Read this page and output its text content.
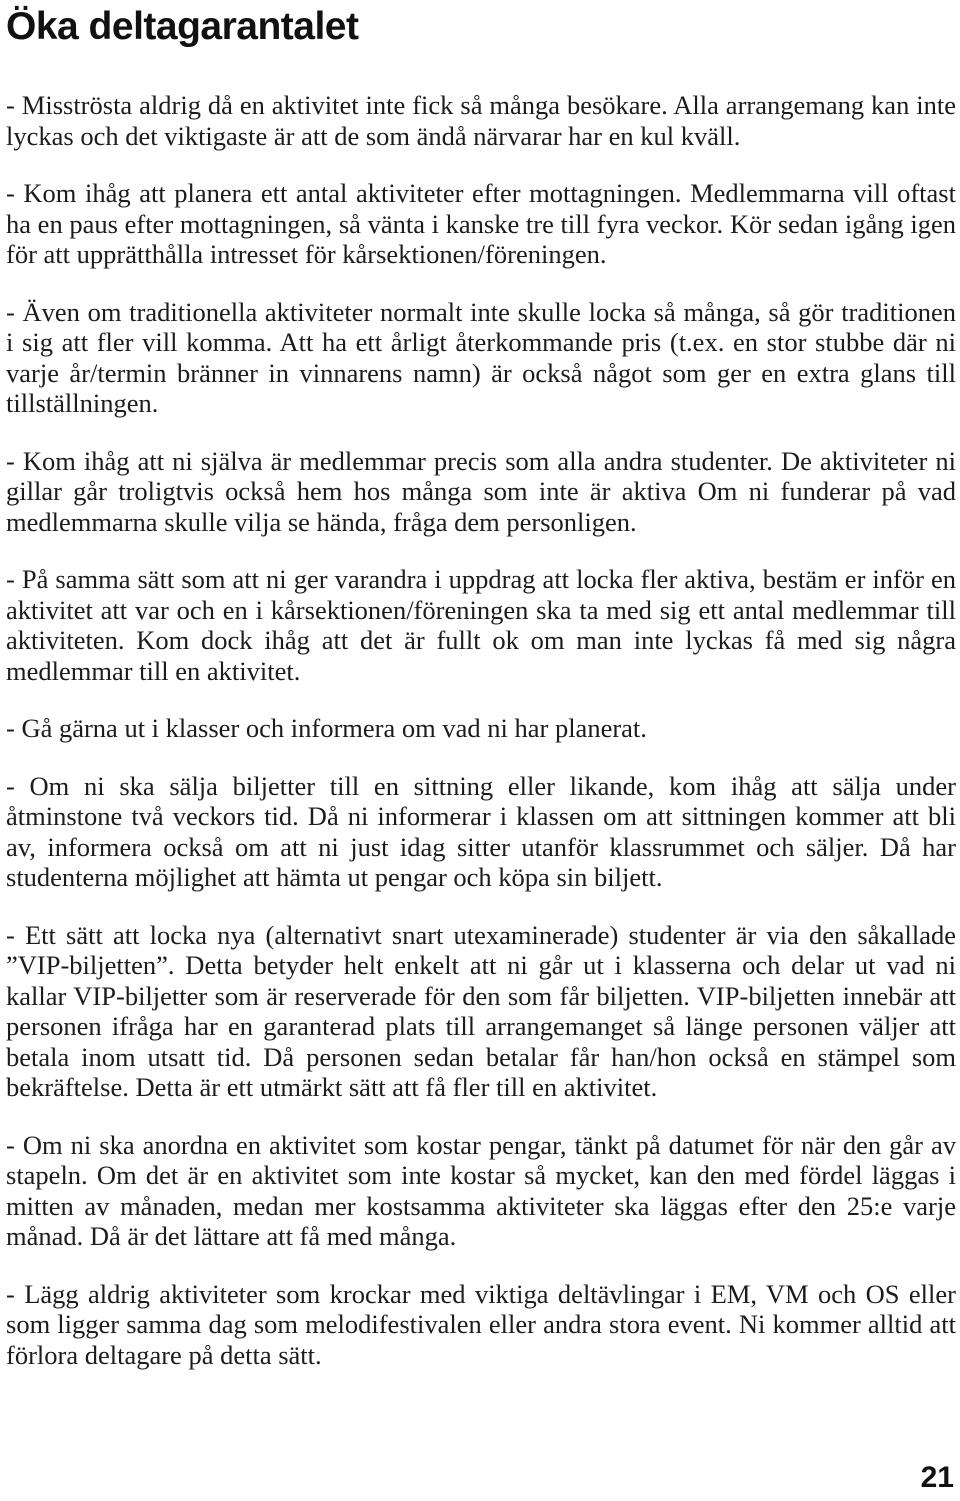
Öka deltagarantalet

- Misströsta aldrig då en aktivitet inte fick så många besökare. Alla arrangemang kan inte lyckas och det viktigaste är att de som ändå närvarar har en kul kväll.

- Kom ihåg att planera ett antal aktiviteter efter mottagningen. Medlemmarna vill oftast ha en paus efter mottagningen, så vänta i kanske tre till fyra veckor. Kör sedan igång igen för att upprätthålla intresset för kårsektionen/föreningen.

- Även om traditionella aktiviteter normalt inte skulle locka så många, så gör traditionen i sig att fler vill komma. Att ha ett årligt återkommande pris (t.ex. en stor stubbe där ni varje år/termin bränner in vinnarens namn) är också något som ger en extra glans till tillställningen.

- Kom ihåg att ni själva är medlemmar precis som alla andra studenter. De aktiviteter ni gillar går troligtvis också hem hos många som inte är aktiva Om ni funderar på vad medlemmarna skulle vilja se hända, fråga dem personligen.

- På samma sätt som att ni ger varandra i uppdrag att locka fler aktiva, bestäm er inför en aktivitet att var och en i kårsektionen/föreningen ska ta med sig ett antal medlemmar till aktiviteten. Kom dock ihåg att det är fullt ok om man inte lyckas få med sig några medlemmar till en aktivitet.

- Gå gärna ut i klasser och informera om vad ni har planerat.

- Om ni ska sälja biljetter till en sittning eller likande, kom ihåg att sälja under åtminstone två veckors tid. Då ni informerar i klassen om att sittningen kommer att bli av, informera också om att ni just idag sitter utanför klassrummet och säljer. Då har studenterna möjlighet att hämta ut pengar och köpa sin biljett.

- Ett sätt att locka nya (alternativt snart utexaminerade) studenter är via den såkallade ”VIP-biljetten”. Detta betyder helt enkelt att ni går ut i klasserna och delar ut vad ni kallar VIP-biljetter som är reserverade för den som får biljetten. VIP-biljetten innebär att personen ifråga har en garanterad plats till arrangemanget så länge personen väljer att betala inom utsatt tid. Då personen sedan betalar får han/hon också en stämpel som bekräftelse. Detta är ett utmärkt sätt att få fler till en aktivitet.

- Om ni ska anordna en aktivitet som kostar pengar, tänkt på datumet för när den går av stapeln. Om det är en aktivitet som inte kostar så mycket, kan den med fördel läggas i mitten av månaden, medan mer kostsamma aktiviteter ska läggas efter den 25:e varje månad. Då är det lättare att få med många.

- Lägg aldrig aktiviteter som krockar med viktiga deltävlingar i EM, VM och OS eller som ligger samma dag som melodifestivalen eller andra stora event. Ni kommer alltid att förlora deltagare på detta sätt.

21
